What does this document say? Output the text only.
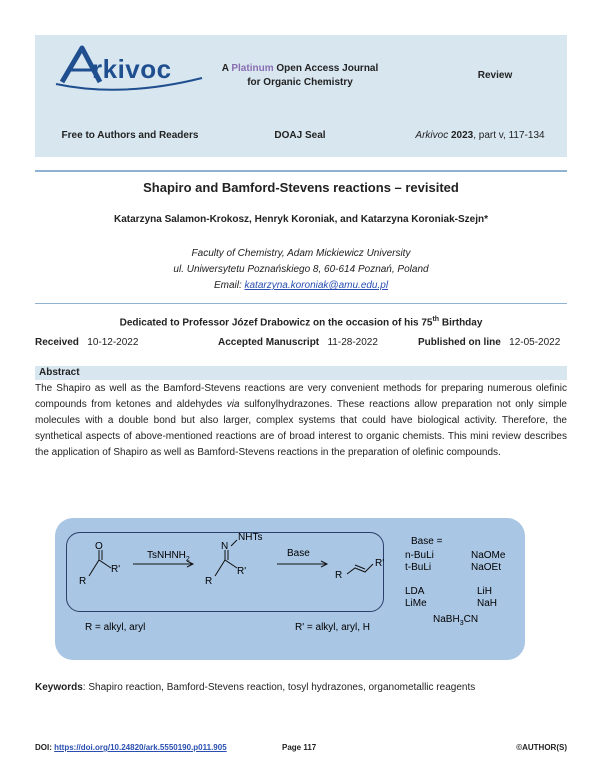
rkivoc	A Platinum Open Access Journal
for Organic Chemistry
Review
Free to Authors and Readers	DOAJ Seal	Arkivoc 2023, part v, 117-134
Shapiro and Bamford-Stevens reactions – revisited
Katarzyna Salamon-Krokosz, Henryk Koroniak, and Katarzyna Koroniak-Szejn*
Faculty of Chemistry, Adam Mickiewicz University
ul. Uniwersytetu Poznańskiego 8, 60-614 Poznań, Poland
Email: katarzyna.koroniak@amu.edu.pl
Dedicated to Professor Józef Drabowicz on the occasion of his 75th Birthday
Received 10-12-2022	Accepted Manuscript 11-28-2022	Published on line 12-05-2022
Abstract
The Shapiro as well as the Bamford-Stevens reactions are very convenient methods for preparing numerous olefinic compounds from ketones and aldehydes via sulfonylhydrazones. These reactions allow preparation not only simple molecules with a double bond but also larger, complex systems that could have biological activity. Therefore, the synthetical aspects of above-mentioned reactions are of broad interest to organic chemists. This mini review describes the application of Shapiro as well as Bamford-Stevens reactions in the preparation of olefinic compounds.
O
R
R'
TsNHNH$_2$
N
NHTs
R
R'
Base
R
R'
R = alkyl, aryl	R' = alkyl, aryl, H
Base =
n-BuLi	NaOMe
t-BuLi	NaOEt
LDA	LiH
LiMe	NaH
NaBH$_3$CN
Keywords: Shapiro reaction, Bamford-Stevens reaction, tosyl hydrazones, organometallic reagents
DOI: https://doi.org/10.24820/ark.5550190.p011.905	Page 117	©AUTHOR(S)
